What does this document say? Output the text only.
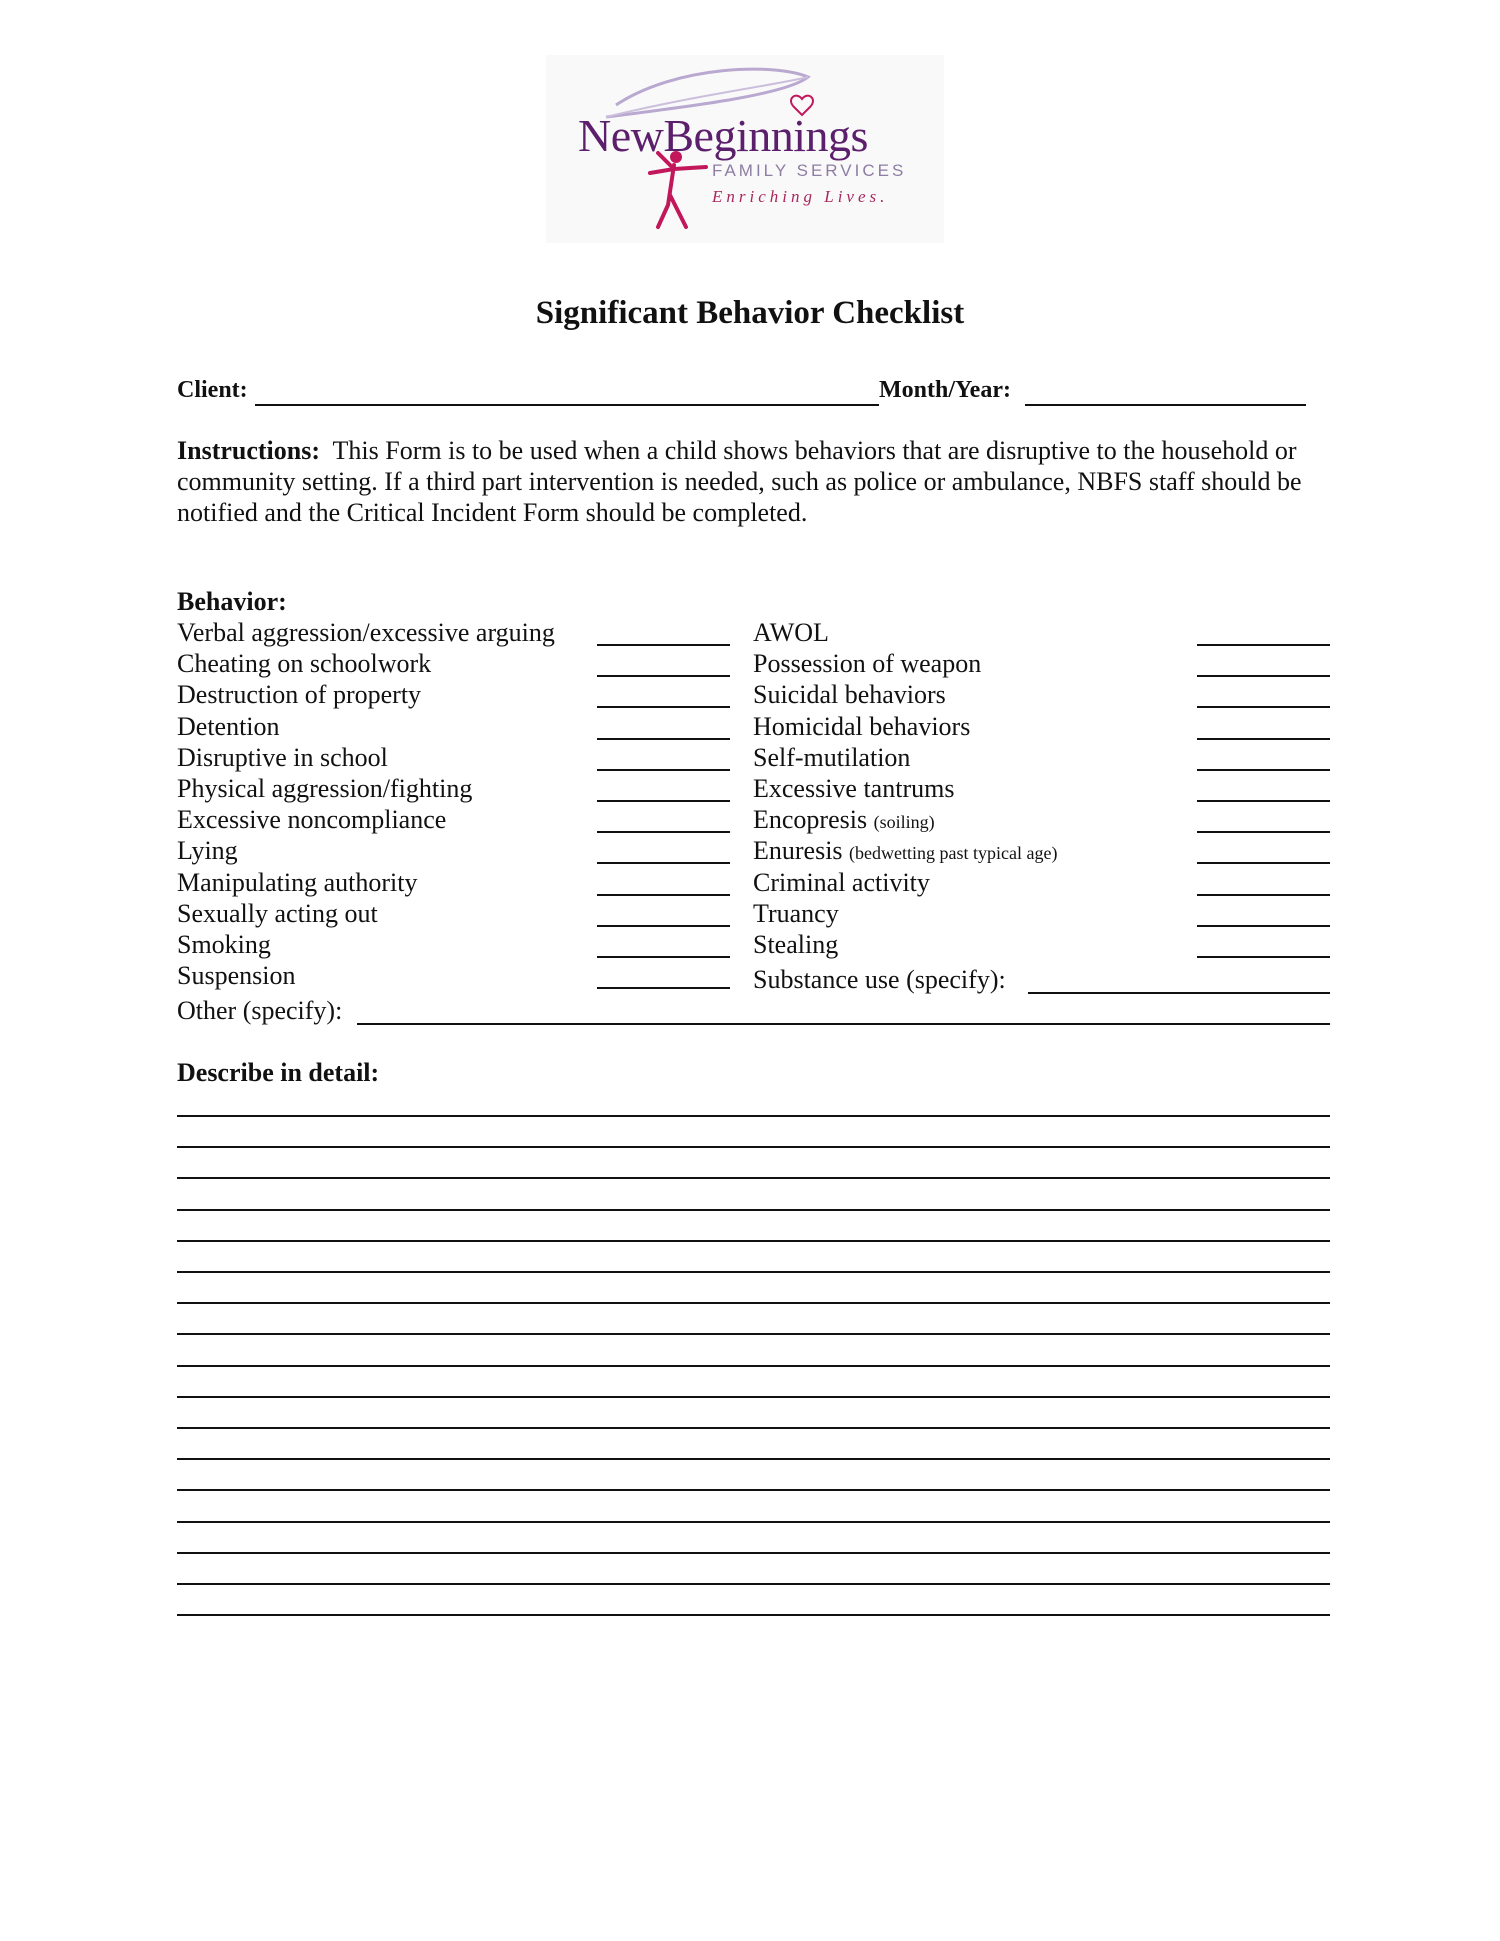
NewBeginnings
FAMILY SERVICES
Enriching Lives.
Significant Behavior Checklist
Client:	Month/Year:
Instructions: This Form is to be used when a child shows behaviors that are disruptive to the household or community setting. If a third part intervention is needed, such as police or ambulance, NBFS staff should be notified and the Critical Incident Form should be completed.
Behavior:
Verbal aggression/excessive arguing
Cheating on schoolwork
Destruction of property
Detention
Disruptive in school
Physical aggression/fighting
Excessive noncompliance
Lying
Manipulating authority
Sexually acting out
Smoking
Suspension
AWOL
Possession of weapon
Suicidal behaviors
Homicidal behaviors
Self-mutilation
Excessive tantrums
Encopresis (soiling)
Enuresis (bedwetting past typical age)
Criminal activity
Truancy
Stealing
Substance use (specify):
Other (specify):
Describe in detail:
